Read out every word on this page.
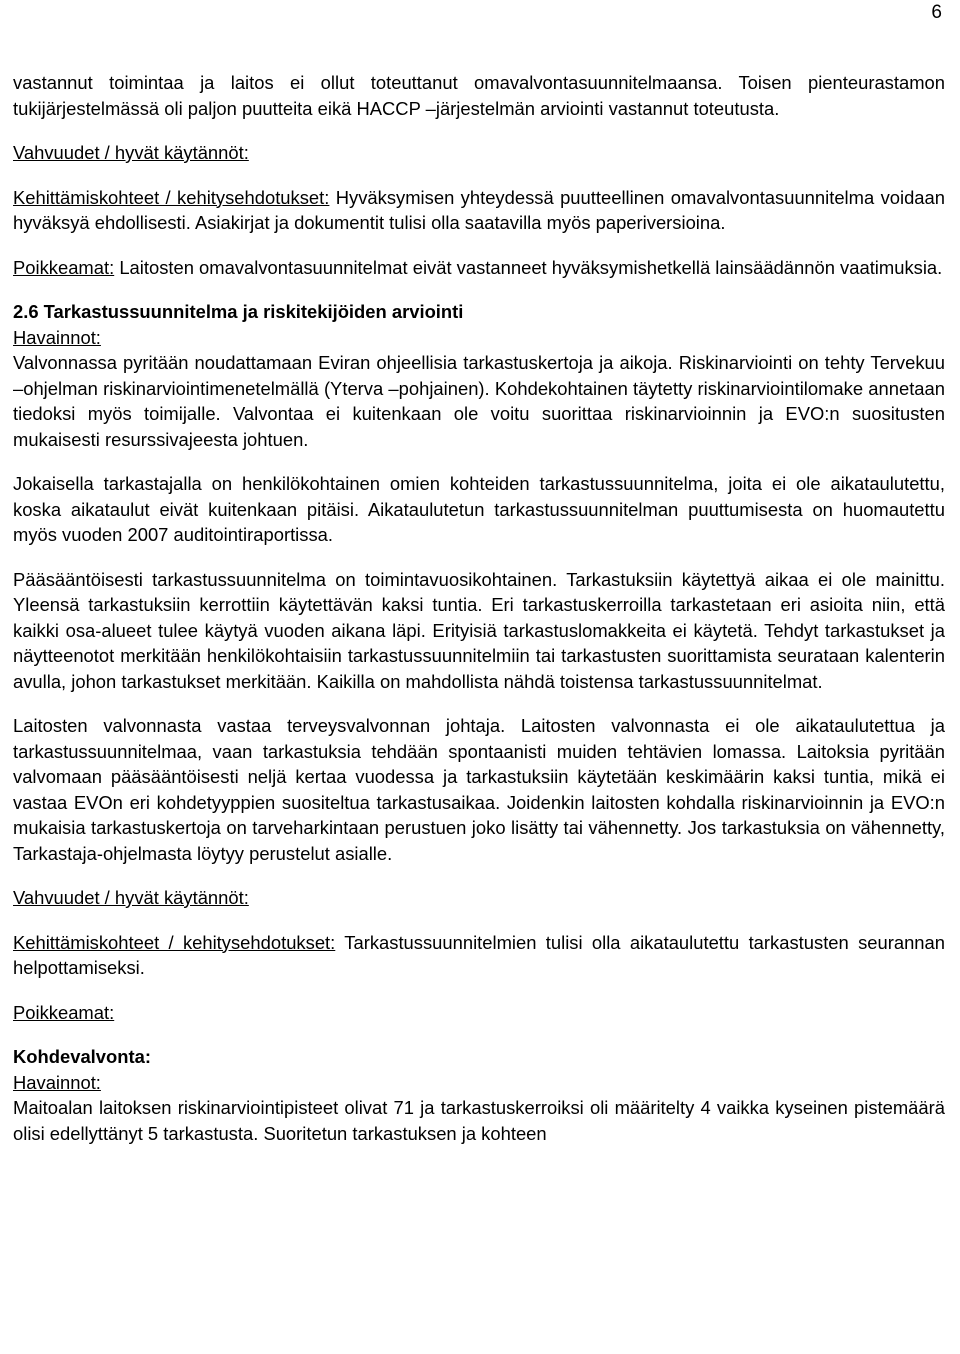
6

vastannut toimintaa ja laitos ei ollut toteuttanut omavalvontasuunnitelmaansa. Toisen pienteurastamon tukijärjestelmässä oli paljon puutteita eikä HACCP –järjestelmän arviointi vastannut toteutusta.

Vahvuudet / hyvät käytännöt:

Kehittämiskohteet / kehitysehdotukset: Hyväksymisen yhteydessä puutteellinen omavalvontasuunnitelma voidaan hyväksyä ehdollisesti. Asiakirjat ja dokumentit tulisi olla saatavilla myös paperiversioina.

Poikkeamat: Laitosten omavalvontasuunnitelmat eivät vastanneet hyväksymishetkellä lainsäädännön vaatimuksia.

2.6 Tarkastussuunnitelma ja riskitekijöiden arviointi
Havainnot:

Valvonnassa pyritään noudattamaan Eviran ohjeellisia tarkastuskertoja ja aikoja. Riskinarviointi on tehty Tervekuu –ohjelman riskinarviointimenetelmällä (Yterva –pohjainen). Kohdekohtainen täytetty riskinarviointilomake annetaan tiedoksi myös toimijalle. Valvontaa ei kuitenkaan ole voitu suorittaa riskinarvioinnin ja EVO:n suositusten mukaisesti resurssivajeesta johtuen.

Jokaisella tarkastajalla on henkilökohtainen omien kohteiden tarkastussuunnitelma, joita ei ole aikataulutettu, koska aikataulut eivät kuitenkaan pitäisi. Aikataulutetun tarkastussuunnitelman puuttumisesta on huomautettu myös vuoden 2007 auditointiraportissa.

Pääsääntöisesti tarkastussuunnitelma on toimintavuosikohtainen. Tarkastuksiin käytettyä aikaa ei ole mainittu. Yleensä tarkastuksiin kerrottiin käytettävän kaksi tuntia. Eri tarkastuskerroilla tarkastetaan eri asioita niin, että kaikki osa-alueet tulee käytyä vuoden aikana läpi. Erityisiä tarkastuslomakkeita ei käytetä. Tehdyt tarkastukset ja näytteenotot merkitään henkilökohtaisiin tarkastussuunnitelmiin tai tarkastusten suorittamista seurataan kalenterin avulla, johon tarkastukset merkitään. Kaikilla on mahdollista nähdä toistensa tarkastussuunnitelmat.

Laitosten valvonnasta vastaa terveysvalvonnan johtaja. Laitosten valvonnasta ei ole aikataulutettua ja tarkastussuunnitelmaa, vaan tarkastuksia tehdään spontaanisti muiden tehtävien lomassa. Laitoksia pyritään valvomaan pääsääntöisesti neljä kertaa vuodessa ja tarkastuksiin käytetään keskimäärin kaksi tuntia, mikä ei vastaa EVOn eri kohdetyyppien suositeltua tarkastusaikaa. Joidenkin laitosten kohdalla riskinarvioinnin ja EVO:n mukaisia tarkastuskertoja on tarveharkintaan perustuen joko lisätty tai vähennetty. Jos tarkastuksia on vähennetty, Tarkastaja-ohjelmasta löytyy perustelut asialle.

Vahvuudet / hyvät käytännöt:

Kehittämiskohteet / kehitysehdotukset: Tarkastussuunnitelmien tulisi olla aikataulutettu tarkastusten seurannan helpottamiseksi.

Poikkeamat:

Kohdevalvonta:
Havainnot:

Maitoalan laitoksen riskinarviointipisteet olivat 71 ja tarkastuskerroiksi oli määritelty 4 vaikka kyseinen pistemäärä olisi edellyttänyt 5 tarkastusta. Suoritetun tarkastuksen ja kohteen
